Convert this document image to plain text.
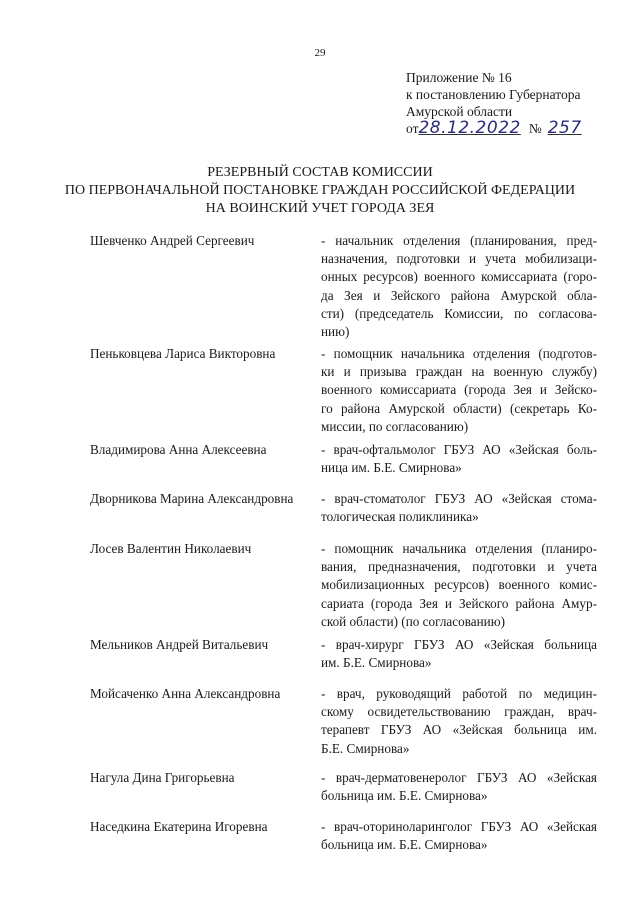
29
Приложение № 16
к постановлению Губернатора
Амурской области
от28.12.2022 № 257
РЕЗЕРВНЫЙ СОСТАВ КОМИССИИ
ПО ПЕРВОНАЧАЛЬНОЙ ПОСТАНОВКЕ ГРАЖДАН РОССИЙСКОЙ ФЕДЕРАЦИИ
НА ВОИНСКИЙ УЧЕТ ГОРОДА ЗЕЯ
Шевченко Андрей Сергеевич	- начальник отделения (планирования, пред-
назначения, подготовки и учета мобилизаци-
онных ресурсов) военного комиссариата (горо-
да Зея и Зейского района Амурской обла-
сти) (председатель Комиссии, по согласова-
нию)
Пеньковцева Лариса Викторовна	- помощник начальника отделения (подготов-
ки и призыва граждан на военную службу)
военного комиссариата (города Зея и Зейско-
го района Амурской области) (секретарь Ко-
миссии, по согласованию)
Владимирова Анна Алексеевна	- врач-офтальмолог ГБУЗ АО «Зейская боль-
ница им. Б.Е. Смирнова»
Дворникова Марина Александровна	- врач-стоматолог ГБУЗ АО «Зейская стома-
тологическая поликлиника»
Лосев Валентин Николаевич	- помощник начальника отделения (планиро-
вания, предназначения, подготовки и учета
мобилизационных ресурсов) военного комис-
сариата (города Зея и Зейского района Амур-
ской области) (по согласованию)
Мельников Андрей Витальевич	- врач-хирург ГБУЗ АО «Зейская больница
им. Б.Е. Смирнова»
Мойсаченко Анна Александровна	- врач, руководящий работой по медицин-
скому освидетельствованию граждан, врач-
терапевт ГБУЗ АО «Зейская больница им.
Б.Е. Смирнова»
Нагула Дина Григорьевна	- врач-дерматовенеролог ГБУЗ АО «Зейская
больница им. Б.Е. Смирнова»
Наседкина Екатерина Игоревна	- врач-оториноларинголог ГБУЗ АО «Зейская
больница им. Б.Е. Смирнова»
